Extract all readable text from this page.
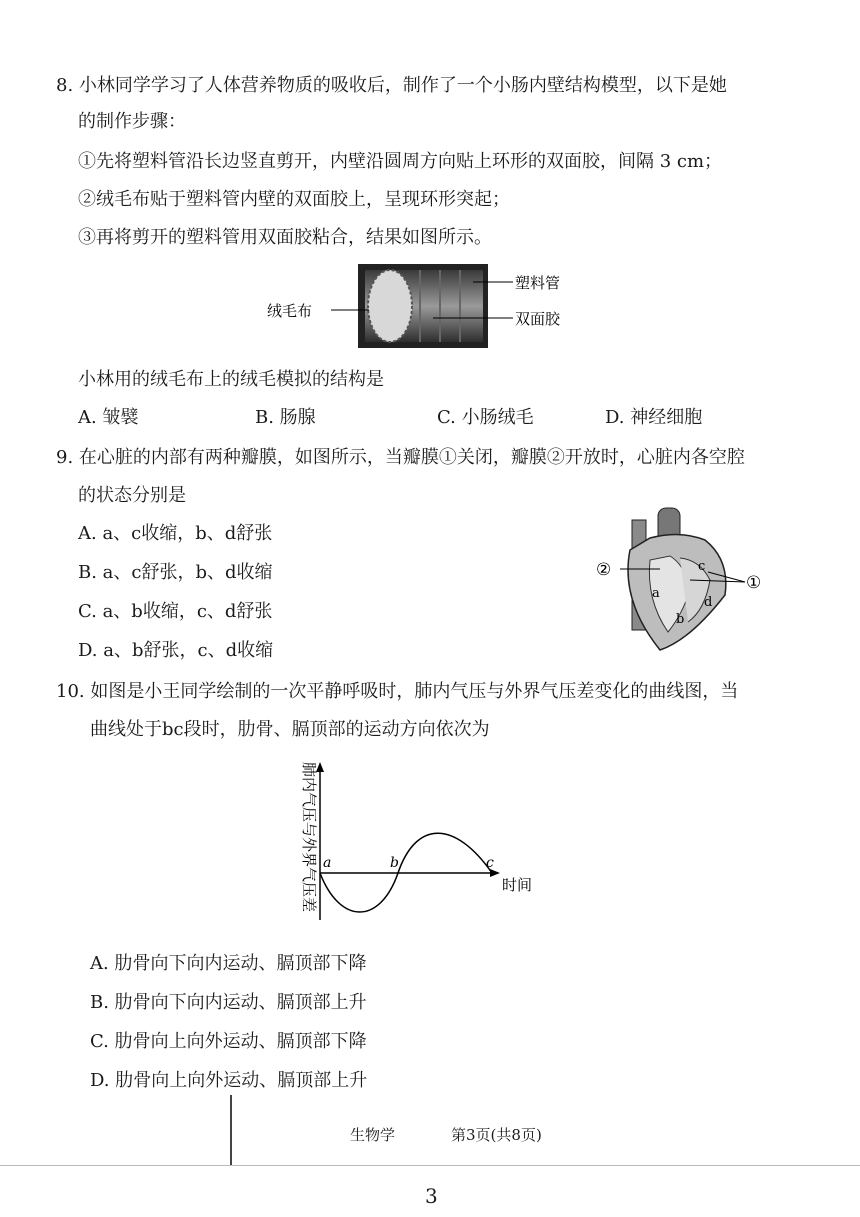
8. 小林同学学习了人体营养物质的吸收后，制作了一个小肠内壁结构模型，以下是她
的制作步骤：
①先将塑料管沿长边竖直剪开，内壁沿圆周方向贴上环形的双面胶，间隔 3 cm；
②绒毛布贴于塑料管内壁的双面胶上，呈现环形突起；
③再将剪开的塑料管用双面胶粘合，结果如图所示。
绒毛布
塑料管
双面胶
小林用的绒毛布上的绒毛模拟的结构是
A. 皱襞	B. 肠腺	C. 小肠绒毛	D. 神经细胞
9. 在心脏的内部有两种瓣膜，如图所示，当瓣膜①关闭，瓣膜②开放时，心脏内各空腔
的状态分别是
A. a、c收缩，b、d舒张
B. a、c舒张，b、d收缩
C. a、b收缩，c、d舒张
D. a、b舒张，c、d收缩
②
①
a
b
c
d
10. 如图是小王同学绘制的一次平静呼吸时，肺内气压与外界气压差变化的曲线图，当
曲线处于bc段时，肋骨、膈顶部的运动方向依次为
肺内气压与外界气压差	时间
a	b	c
A. 肋骨向下向内运动、膈顶部下降
B. 肋骨向下向内运动、膈顶部上升
C. 肋骨向上向外运动、膈顶部下降
D. 肋骨向上向外运动、膈顶部上升
生物学	第3页(共8页)
3
